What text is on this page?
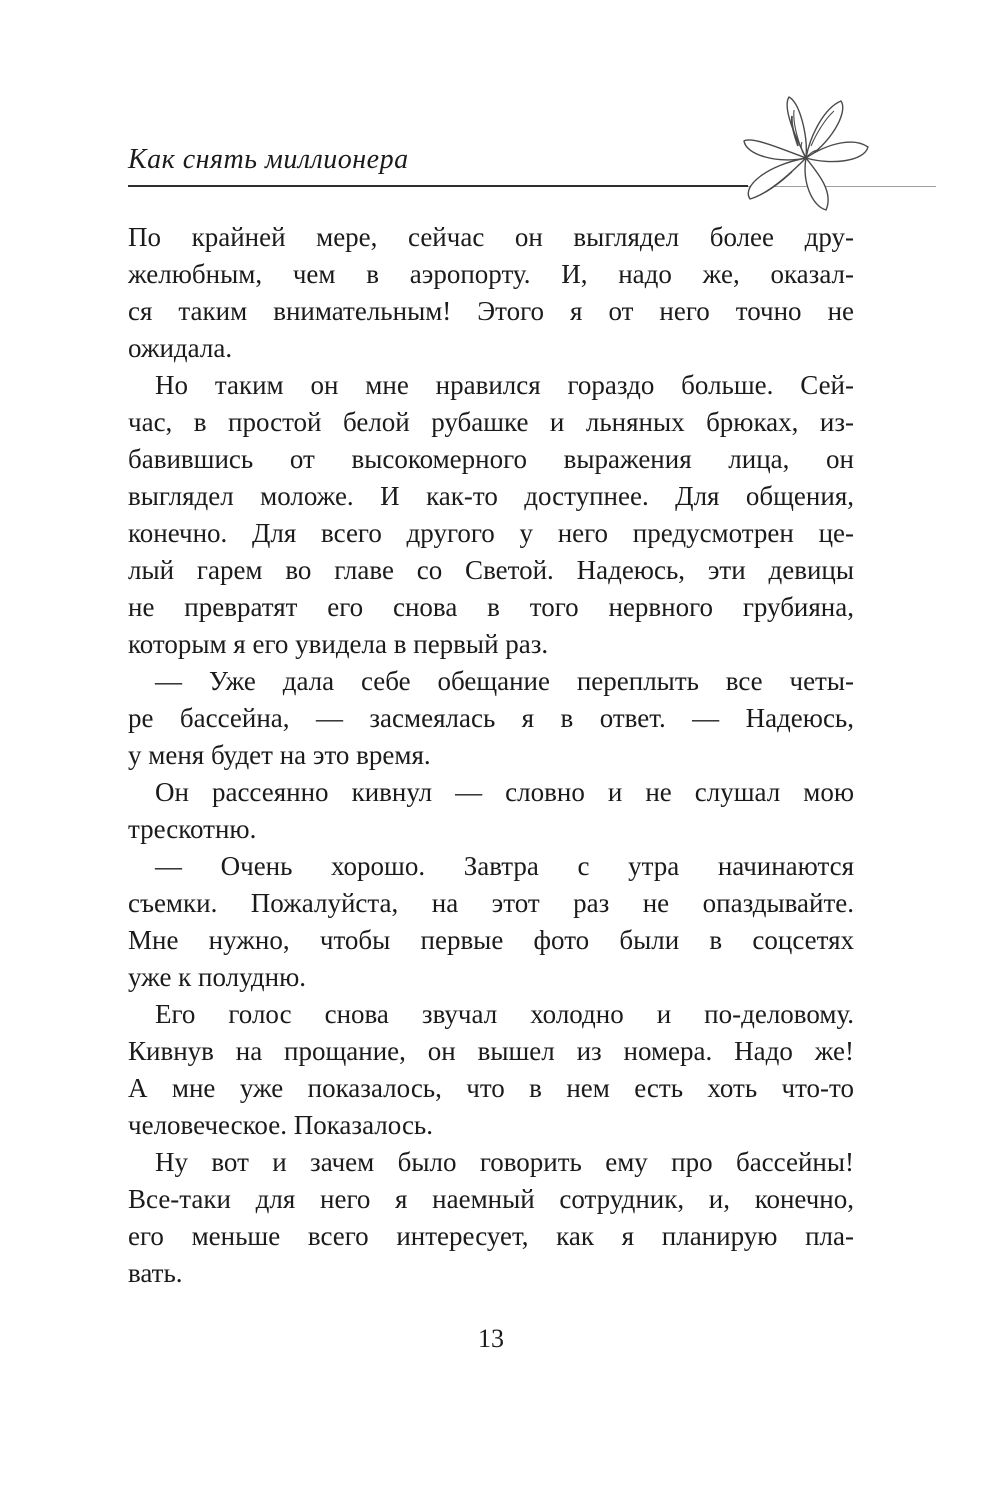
Как снять миллионера
По крайней мере, сейчас он выглядел более дру-
желюбным, чем в аэропорту. И, надо же, оказал-
ся таким внимательным! Этого я от него точно не
ожидала.
Но таким он мне нравился гораздо больше. Сей-
час, в простой белой рубашке и льняных брюках, из-
бавившись от высокомерного выражения лица, он
выглядел моложе. И как-то доступнее. Для общения,
конечно. Для всего другого у него предусмотрен це-
лый гарем во главе со Светой. Надеюсь, эти девицы
не превратят его снова в того нервного грубияна,
которым я его увидела в первый раз.
— Уже дала себе обещание переплыть все четы-
ре бассейна, — засмеялась я в ответ. — Надеюсь,
у меня будет на это время.
Он рассеянно кивнул — словно и не слушал мою
трескотню.
— Очень хорошо. Завтра с утра начинаются
съемки. Пожалуйста, на этот раз не опаздывайте.
Мне нужно, чтобы первые фото были в соцсетях
уже к полудню.
Его голос снова звучал холодно и по-деловому.
Кивнув на прощание, он вышел из номера. Надо же!
А мне уже показалось, что в нем есть хоть что-то
человеческое. Показалось.
Ну вот и зачем было говорить ему про бассейны!
Все-таки для него я наемный сотрудник, и, конечно,
его меньше всего интересует, как я планирую пла-
вать.
13
